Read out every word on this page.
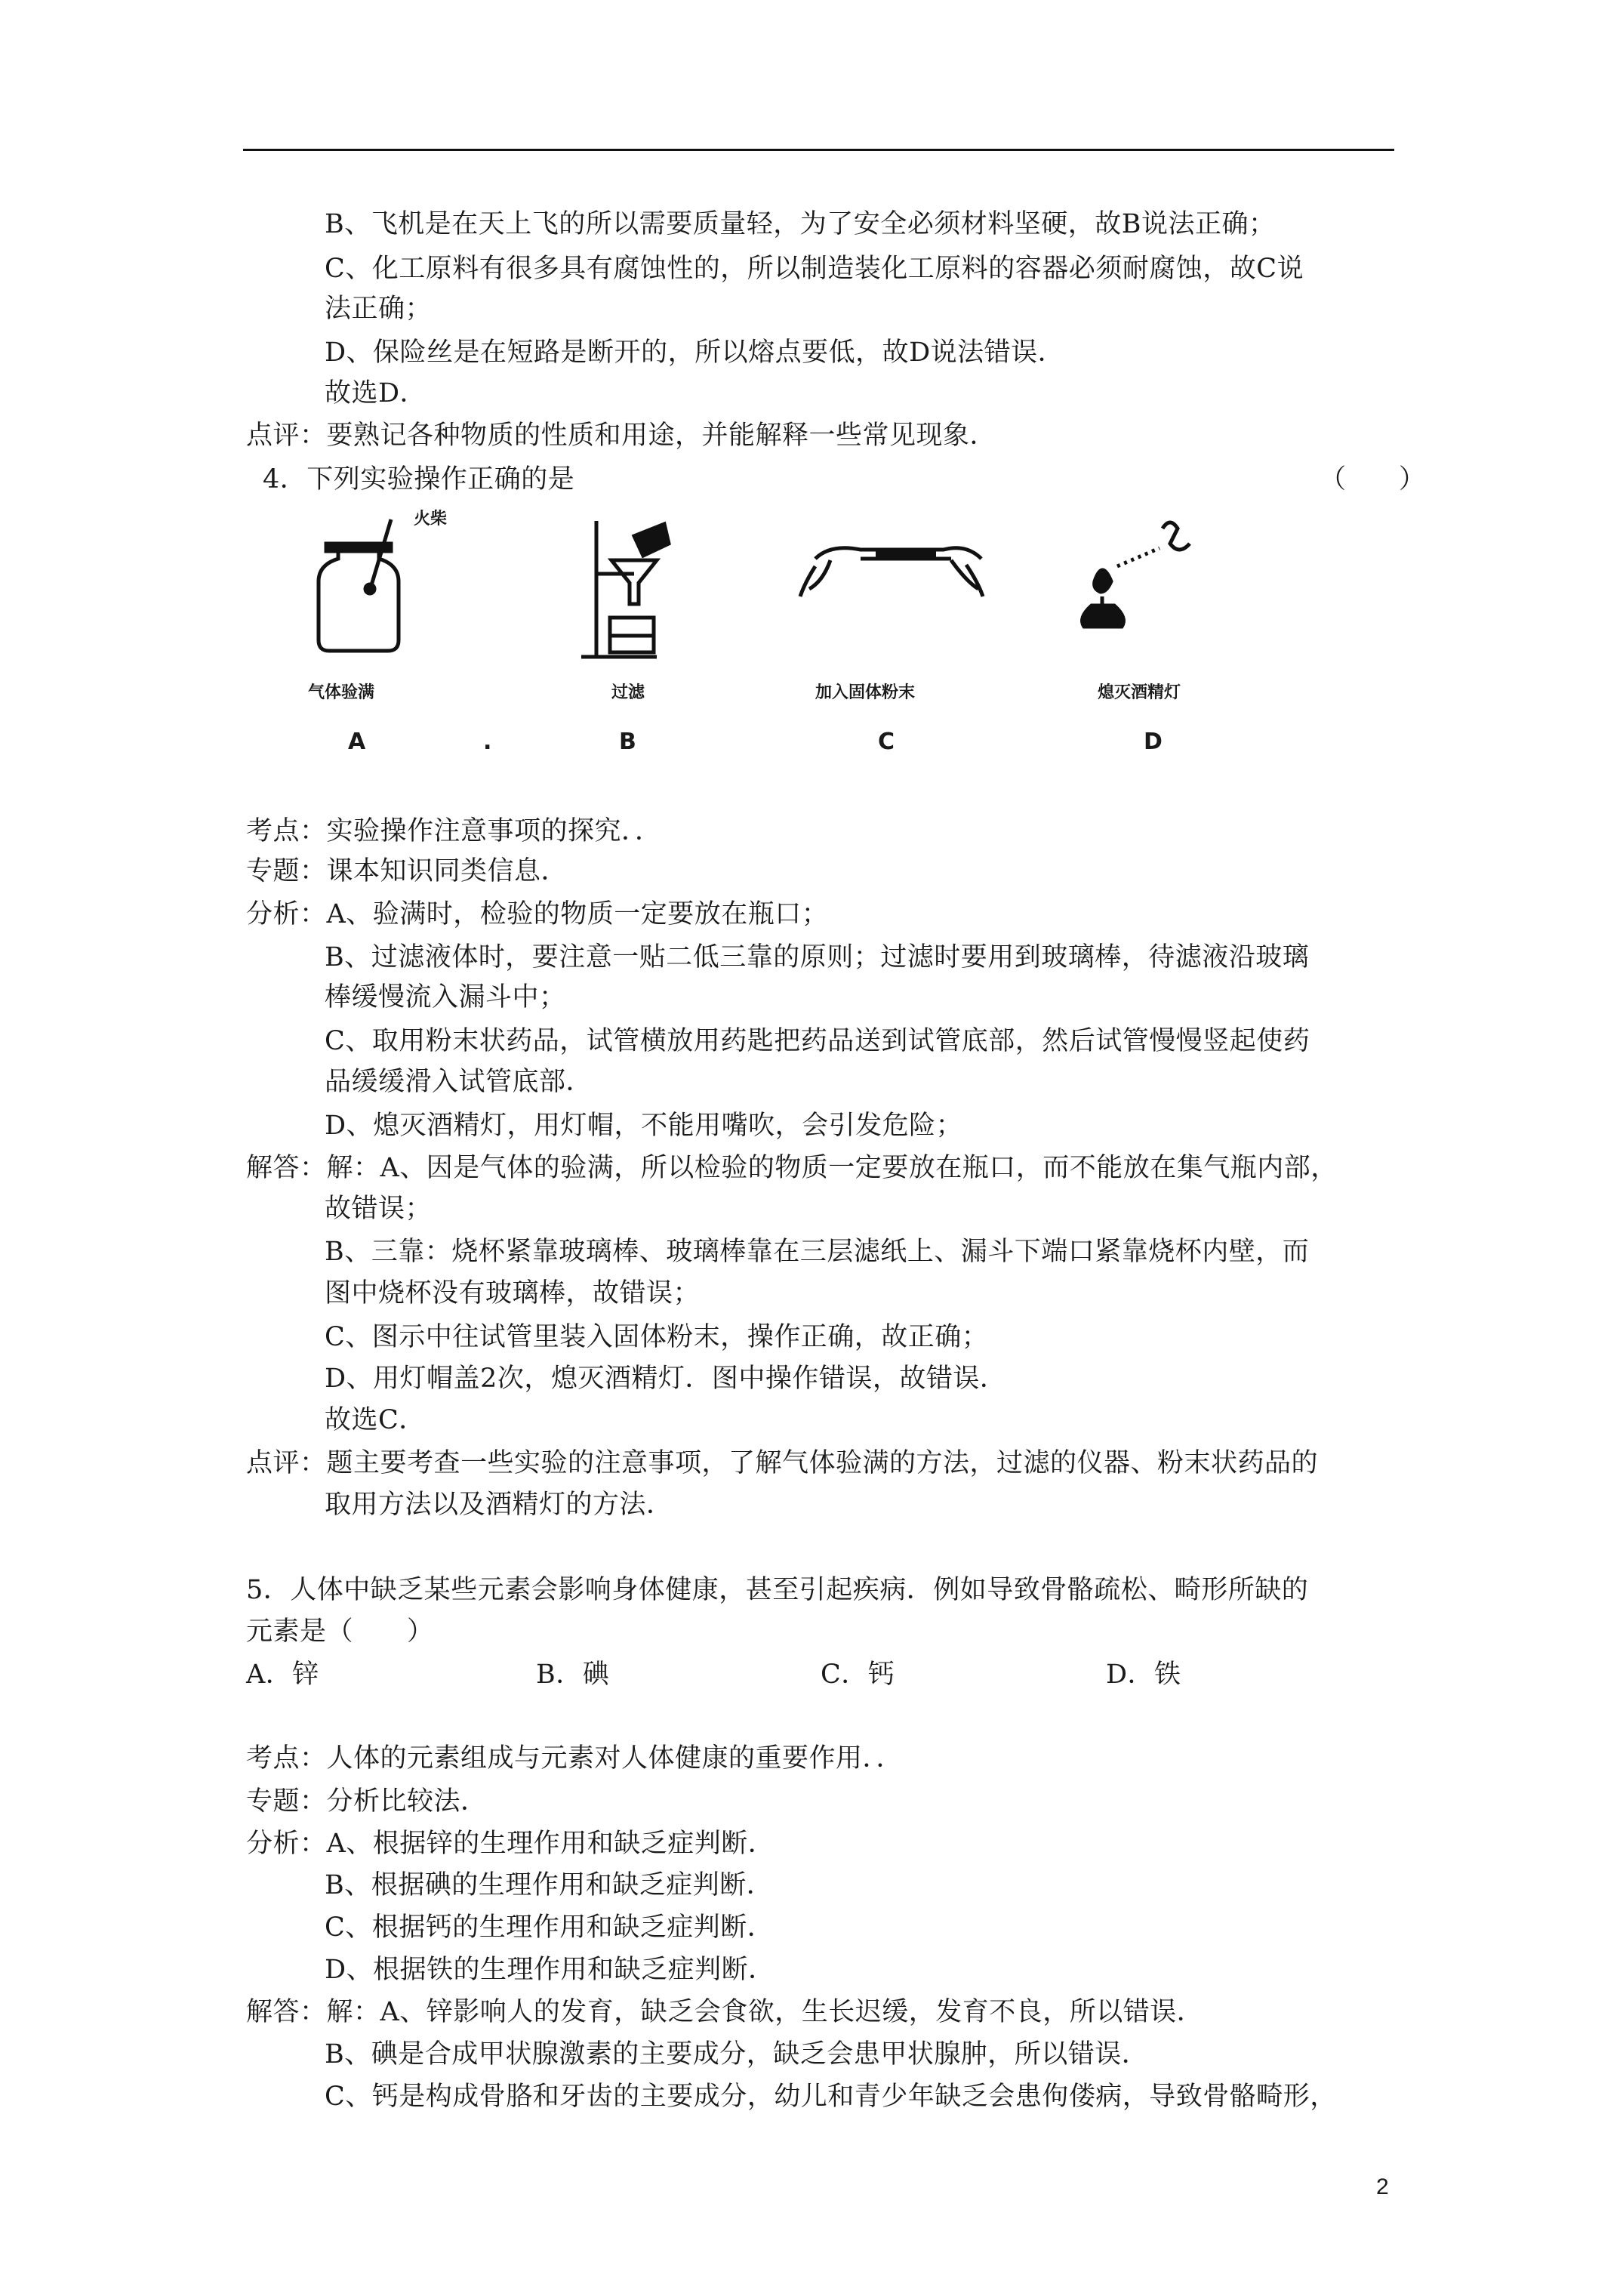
B、飞机是在天上飞的所以需要质量轻，为了安全必须材料坚硬，故B说法正确；
C、化工原料有很多具有腐蚀性的，所以制造装化工原料的容器必须耐腐蚀，故C说
法正确；
D、保险丝是在短路是断开的，所以熔点要低，故D说法错误．
故选D．
点评：要熟记各种物质的性质和用途，并能解释一些常见现象．
4．下列实验操作正确的是	（　　）
火柴
气体验满	过滤	加入固体粉末	熄灭酒精灯
A	.	B	C	D
考点：实验操作注意事项的探究．．
专题：课本知识同类信息．
分析：A、验满时，检验的物质一定要放在瓶口；
B、过滤液体时，要注意一贴二低三靠的原则；过滤时要用到玻璃棒，待滤液沿玻璃
棒缓慢流入漏斗中；
C、取用粉末状药品，试管横放用药匙把药品送到试管底部，然后试管慢慢竖起使药
品缓缓滑入试管底部．
D、熄灭酒精灯，用灯帽，不能用嘴吹，会引发危险；
解答：解：A、因是气体的验满，所以检验的物质一定要放在瓶口，而不能放在集气瓶内部，
故错误；
B、三靠：烧杯紧靠玻璃棒、玻璃棒靠在三层滤纸上、漏斗下端口紧靠烧杯内壁，而
图中烧杯没有玻璃棒，故错误；
C、图示中往试管里装入固体粉末，操作正确，故正确；
D、用灯帽盖2次，熄灭酒精灯．图中操作错误，故错误．
故选C．
点评：题主要考查一些实验的注意事项，了解气体验满的方法，过滤的仪器、粉末状药品的
取用方法以及酒精灯的方法．
5．人体中缺乏某些元素会影响身体健康，甚至引起疾病．例如导致骨骼疏松、畸形所缺的
元素是（　　）
A．锌	B．碘	C．钙	D．铁
考点：人体的元素组成与元素对人体健康的重要作用．．
专题：分析比较法．
分析：A、根据锌的生理作用和缺乏症判断．
B、根据碘的生理作用和缺乏症判断．
C、根据钙的生理作用和缺乏症判断．
D、根据铁的生理作用和缺乏症判断．
解答：解：A、锌影响人的发育，缺乏会食欲，生长迟缓，发育不良，所以错误．
B、碘是合成甲状腺激素的主要成分，缺乏会患甲状腺肿，所以错误．
C、钙是构成骨胳和牙齿的主要成分，幼儿和青少年缺乏会患佝偻病，导致骨骼畸形，
2
